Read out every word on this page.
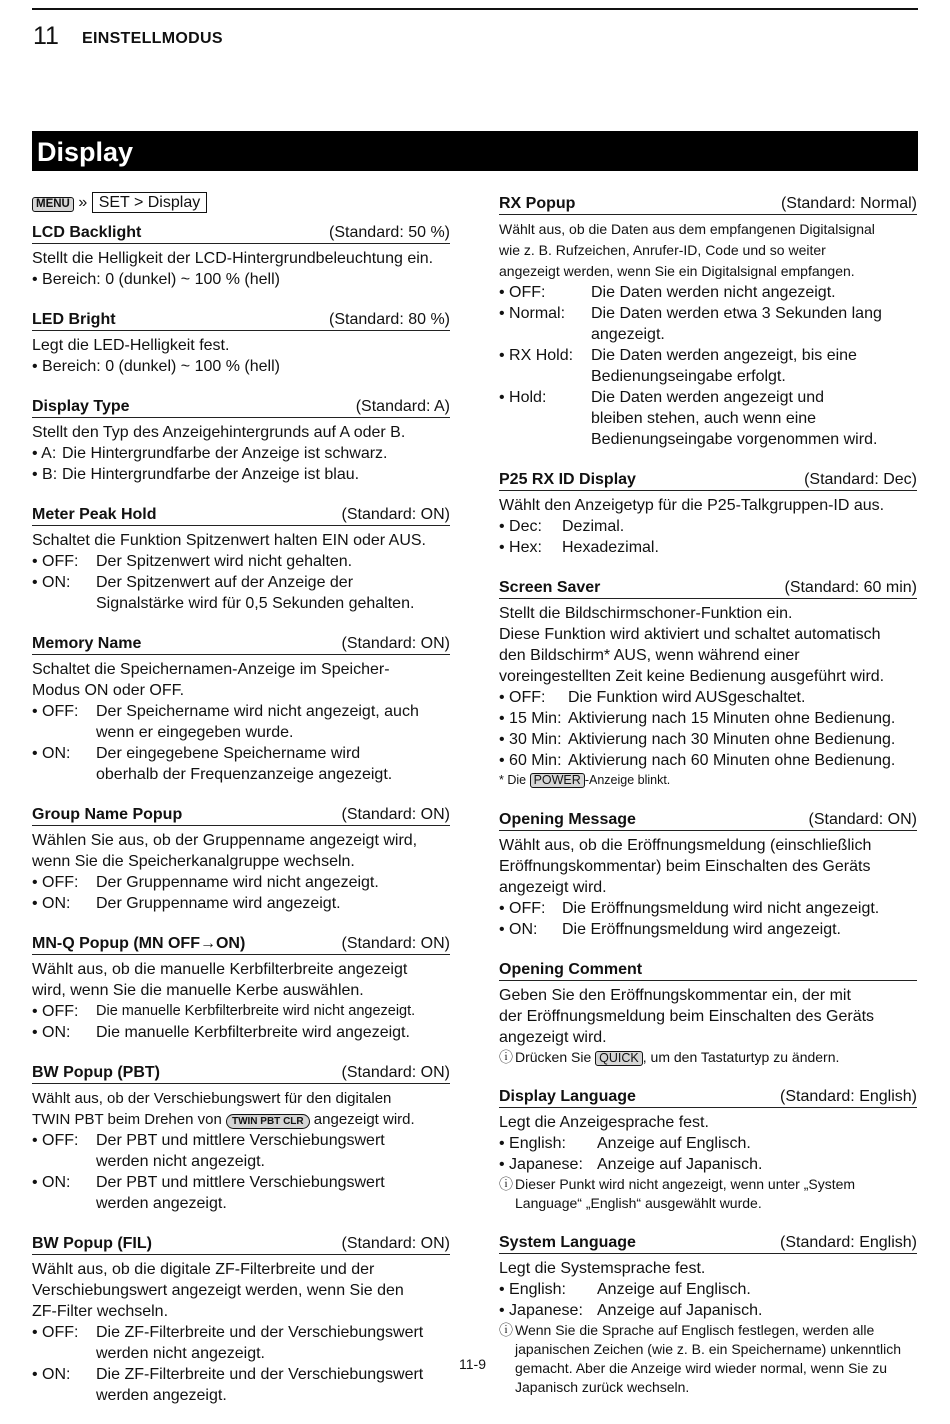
11 EINSTELLMODUS
Display
MENU » SET > Display
LCD Backlight	(Standard: 50 %)
Stellt die Helligkeit der LCD-Hintergrundbeleuchtung ein.
• Bereich: 0 (dunkel) ~ 100 % (hell)
LED Bright	(Standard: 80 %)
Legt die LED-Helligkeit fest.
• Bereich: 0 (dunkel) ~ 100 % (hell)
Display Type	(Standard: A)
Stellt den Typ des Anzeigehintergrunds auf A oder B.
• A: Die Hintergrundfarbe der Anzeige ist schwarz.
• B: Die Hintergrundfarbe der Anzeige ist blau.
Meter Peak Hold	(Standard: ON)
Schaltet die Funktion Spitzenwert halten EIN oder AUS.
• OFF:	Der Spitzenwert wird nicht gehalten.
• ON:	Der Spitzenwert auf der Anzeige der
Signalstärke wird für 0,5 Sekunden gehalten.
Memory Name	(Standard: ON)
Schaltet die Speichernamen-Anzeige im Speicher-
Modus ON oder OFF.
• OFF:	Der Speichername wird nicht angezeigt, auch
wenn er eingegeben wurde.
• ON:	Der eingegebene Speichername wird
oberhalb der Frequenzanzeige angezeigt.
Group Name Popup	(Standard: ON)
Wählen Sie aus, ob der Gruppenname angezeigt wird,
wenn Sie die Speicherkanalgruppe wechseln.
• OFF:	Der Gruppenname wird nicht angezeigt.
• ON:	Der Gruppenname wird angezeigt.
MN-Q Popup (MN OFF→ON)	(Standard: ON)
Wählt aus, ob die manuelle Kerbfilterbreite angezeigt
wird, wenn Sie die manuelle Kerbe auswählen.
• OFF:	Die manuelle Kerbfilterbreite wird nicht angezeigt.
• ON:	Die manuelle Kerbfilterbreite wird angezeigt.
BW Popup (PBT)	(Standard: ON)
Wählt aus, ob der Verschiebungswert für den digitalen
TWIN PBT beim Drehen von TWIN PBT CLR angezeigt wird.
• OFF:	Der PBT und mittlere Verschiebungswert
werden nicht angezeigt.
• ON:	Der PBT und mittlere Verschiebungswert
werden angezeigt.
BW Popup (FIL)	(Standard: ON)
Wählt aus, ob die digitale ZF-Filterbreite und der
Verschiebungswert angezeigt werden, wenn Sie den
ZF-Filter wechseln.
• OFF:	Die ZF-Filterbreite und der Verschiebungswert
werden nicht angezeigt.
• ON:	Die ZF-Filterbreite und der Verschiebungswert
werden angezeigt.
RX Popup	(Standard: Normal)
Wählt aus, ob die Daten aus dem empfangenen Digitalsignal
wie z. B. Rufzeichen, Anrufer-ID, Code und so weiter
angezeigt werden, wenn Sie ein Digitalsignal empfangen.
• OFF:	Die Daten werden nicht angezeigt.
• Normal:	Die Daten werden etwa 3 Sekunden lang
angezeigt.
• RX Hold:	Die Daten werden angezeigt, bis eine
Bedienungseingabe erfolgt.
• Hold:	Die Daten werden angezeigt und
bleiben stehen, auch wenn eine
Bedienungseingabe vorgenommen wird.
P25 RX ID Display	(Standard: Dec)
Wählt den Anzeigetyp für die P25-Talkgruppen-ID aus.
• Dec:	Dezimal.
• Hex:	Hexadezimal.
Screen Saver	(Standard: 60 min)
Stellt die Bildschirmschoner-Funktion ein.
Diese Funktion wird aktiviert und schaltet automatisch
den Bildschirm* AUS, wenn während einer
voreingestellten Zeit keine Bedienung ausgeführt wird.
• OFF:	Die Funktion wird AUSgeschaltet.
• 15 Min: Aktivierung nach 15 Minuten ohne Bedienung.
• 30 Min: Aktivierung nach 30 Minuten ohne Bedienung.
• 60 Min: Aktivierung nach 60 Minuten ohne Bedienung.
* Die POWER -Anzeige blinkt.
Opening Message	(Standard: ON)
Wählt aus, ob die Eröffnungsmeldung (einschließlich
Eröffnungskommentar) beim Einschalten des Geräts
angezeigt wird.
• OFF:	Die Eröffnungsmeldung wird nicht angezeigt.
• ON:	Die Eröffnungsmeldung wird angezeigt.
Opening Comment
Geben Sie den Eröffnungskommentar ein, der mit
der Eröffnungsmeldung beim Einschalten des Geräts
angezeigt wird.
ⓘ Drücken Sie QUICK , um den Tastaturtyp zu ändern.
Display Language	(Standard: English)
Legt die Anzeigesprache fest.
• English:	Anzeige auf Englisch.
• Japanese: Anzeige auf Japanisch.
ⓘ Dieser Punkt wird nicht angezeigt, wenn unter „System
Language“ „English“ ausgewählt wurde.
System Language	(Standard: English)
Legt die Systemsprache fest.
• English:	Anzeige auf Englisch.
• Japanese: Anzeige auf Japanisch.
ⓘ Wenn Sie die Sprache auf Englisch festlegen, werden alle
japanischen Zeichen (wie z. B. ein Speichername) unkenntlich
gemacht. Aber die Anzeige wird wieder normal, wenn Sie zu
Japanisch zurück wechseln.
11-9
